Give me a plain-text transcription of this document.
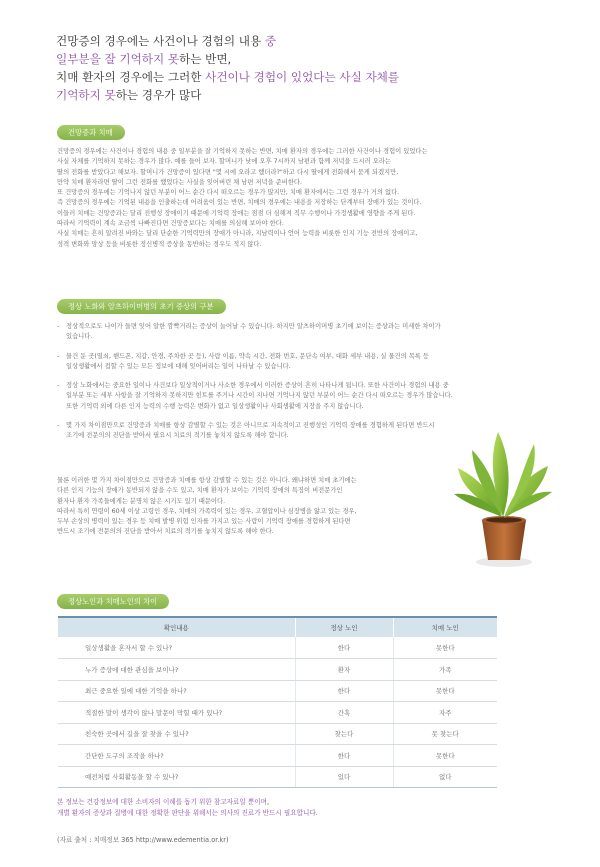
건망증의 경우에는 사건이나 경험의 내용 중
일부분을 잘 기억하지 못하는 반면,
치매 환자의 경우에는 그러한 사건이나 경험이 있었다는 사실 자체를
기억하지 못하는 경우가 많다
건망증과 치매

건망증의 경우에는 사건이나 경험의 내용 중 일부분을 잘 기억하지 못하는 반면, 치매 환자의 경우에는 그러한 사건이나 경험이 있었다는

사실 자체를 기억하지 못하는 경우가 많다. 예를 들어 보자. 할머니가 낮에 오후 7시까지 남편과 함께 저녁을 드시러 오라는

딸의 전화를 받았다고 해보자. 할머니가 건망증이 있다면 "몇 시에 오라고 했더라?"하고 다시 딸에게 전화해서 묻게 되겠지만,

만약 치매 환자라면 딸이 그런 전화를 했었다는 사실을 잊어버린 채 남편 저녁을 준비한다.

또 건망증의 경우에는 기억나지 않던 부분이 어느 순간 다시 떠오르는 경우가 많지만, 치매 환자에서는 그런 경우가 거의 없다.

즉 건망증의 경우에는 기억된 내용을 인출하는데 어려움이 있는 반면, 치매의 경우에는 내용을 저장하는 단계부터 장애가 있는 것이다.

이들러 치매는 건망증과는 달리 진행성 장애이기 때문에 기억력 장애는 점점 더 심해져 직무 수행이나 가정생활에 영향을 주게 된다.

따라서 기억력이 계속 조금씩 나빠진다면 건망증보다는 치매를 의심해 보아야 한다.

사실 치매는 흔히 알려진 바와는 달리 단순한 기억력만의 장애가 아니라, 지남력이나 언어 능력을 비롯한 인지 기능 전반의 장애이고,

성격 변화와 망상 등을 비롯한 정신병적 증상을 동반하는 경우도 적지 않다.

정상 노화와 알츠하이머병의 초기 증상의 구분
- 정상적으로도 나이가 들면 잊어 알한 깜빡거리는 증상이 늘어날 수 있습니다. 하지만 알츠하이머병 초기에 보이는 증상과는 미세한 차이가

있습니다.

- 물건 둔 곳(열쇠, 핸드폰, 지갑, 안경, 주차한 곳 등), 사람 이름, 약속 시간, 전화 번호, 문단속 여부, 대화 세부 내용, 실 물건의 목록 등

일상생활에서 접할 수 있는 모든 정보에 대해 잊어버리는 일이 나타날 수 있습니다.

- 정상 노화에서는 중요한 일이나 사건보다 일상적이거나 사소한 경우에서 이러한 증상이 흔히 나타나게 됩니다. 또한 사건이나 경험의 내용 중

일부분 또는 세부 사항을 잘 기억하지 못하지만 힌트를 주거나 시간이 지나면 기억나지 않던 부분이 어느 순간 다시 떠오르는 경우가 많습니다.

또한 기억력 외에 다른 인지 능력의 수행 능력은 변화가 없고 일상생활이나 사회생활에 지장을 주지 않습니다.

- 몇 가지 차이점만으로 건망증과 치매를 항상 감별할 수 있는 것은 아니므로 지속적이고 진행성인 기억력 장애를 경험하게 된다면 반드시

조기에 전문의의 진단을 받아서 필요시 치료의 적기를 놓치지 않도록 해야 합니다.

물론 이러한 몇 가지 차이점만으로 건망증과 치매를 항상 감별할 수 있는 것은 아니다. 왜냐하면 치매 초기에는

다른 인지 기능의 장애가 동반되지 않을 수도 있고, 치매 환자가 보이는 기억력 장애의 특징이 비전문가인

환자나 환자 가족들에게는 분명치 않은 시기도 있기 때문이다.

따라서 특히 연령이 60세 이상 고령인 경우, 치매의 가족력이 있는 경우, 고혈압이나 심장병을 앓고 있는 경우,

두부 손상의 병력이 있는 경우 등 치매 발병 위험 인자를 가지고 있는 사람이 기억력 장애를 경험하게 된다면

반드시 조기에 전문의의 진단을 받아서 치료의 적기를 놓치지 않도록 해야 한다.

정상노인과 치매노인의 차이
확인내용	정상 노인	치매 노인
일상생활을 혼자서 할 수 있나?	한다	못한다
누가 증상에 대한 관심을 보이나?	환자	가족
최근 중요한 일에 대한 기억을 하나?	한다	못한다
적절한 말이 생각이 않나 말문이 막힐 때가 있나?	간혹	자주
친숙한 곳에서 길을 잘 찾을 수 있나?	찾는다	못 찾는다
간단한 도구의 조작을 하나?	한다	못한다
예전처럼 사회활동을 할 수 있나?	있다	없다

본 정보는 건강정보에 대한 소비자의 이해를 돕기 위한 참고자료일 뿐이며,

개별 환자의 증상과 질병에 대한 정확한 판단을 위해서는 의사의 진료가 반드시 필요합니다.

(자료 출처 : 치매정보 365 http://www.edementia.or.kr)
